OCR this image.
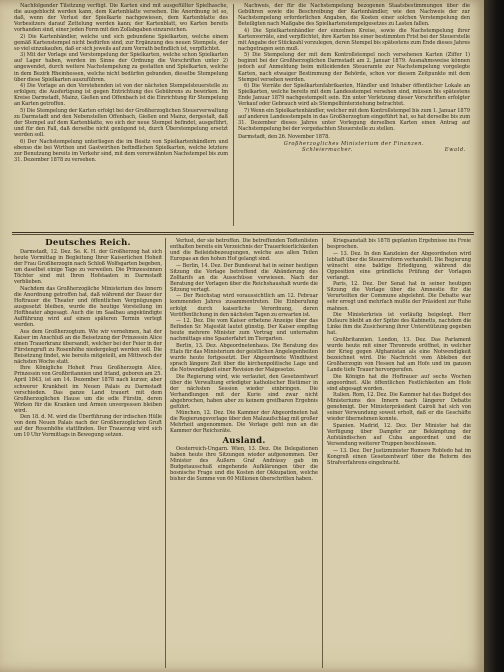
Nachfolgender Tilsitzung verfügt. Die Karten sind mit ausgefüllter Spielhasche, die ausgeblocht werden kann, dem Kartenblatte versehen. Die Anordnung ist so, daß, wenn der Verlust der Spielkarte nachgewiesen, dem Kartenblatte des Vorbesitzers darauf Zettelung werden kann; der Kartenblatt, wo Karten bereits vorhanden sind, einer jeden Form mit den Zollabgaben einzureichen.

2) Die Kartenhändler, welche und sich gebundene Spielkarten, welche einem gemäß Kartenstempel nicht bedürfen sind, zur Ergänzung des neuen Stempels, der so viel einzukaufen, daß er sich jeweils auf zum Vorrath befindlich ist, verpflichtet.

3) Mit der Vorlage und Verstempelung der Spielkarten, welche schon Spielkarten auf Lager haben, werden im Sinne der Ordnung die Vorschriften unter 2) angewendet, durch weitere Nachstempelung zu gestatten und Spielkarten, welche in dem Bezirk Rheinhessen, welche nicht bedürfen gebunden, dieselbe Stempelung über diese Spielkarten auszuführen.

4) Die Vorlage an den Vorstehenden ist von der nächsten Stempelsteuerstelle zu erfolgen; die Ausfertigung ist gegen Entrichtung des Gebührens zu bewirken. Im Kreise Darmstadt, Mainz, Gießen und Offenbach ist die Einrichtung für Stempelung an Karten getroffen.

5) Die Stempelung der Karten erfolgt bei der Großherzoglichen Steuerverwaltung zu Darmstadt und den Nebenstellen Offenbach, Gießen und Mainz, dergestalt, daß der Stempel auf dem Kartenblatte, wo sich der neue Stempel befindet, ausgeführt, und für den Fall, daß derselbe nicht genügend ist, durch Überstempelung ersetzt werden soll.

6) Der Nachstempelung unterliegen die im Besitz von Spielkartenhändlern und ebenso die bei Wirthen und Gastwirthen befindlichen Spielkarten, welche letztere zur Benutzung bereits im Verkehr sind, mit dem vorerwähnten Nachstempel bis zum 31. Dezember 1878 zu versehen.

Nachweis, der für die Nachstempelung bezogenen Staatsbestimmungen über die Gebühren sowie die Beschreibung der Kartenhändler, wie den Nachweis der zur Nachstempelung erforderlichen Angaben, die Kosten einer solchen Verstempelung den Beteiligten nach Maßgabe des Spielkartenstempelgesetzes zu Lasten fallen.

4) Die Spielkartenhändler der einzelnen Kreise, sowie die Nachstempelung ihrer Kartenvorräte, sind verpflichtet, ihre Karten bis einer bestimmten Frist bei der Steuerstelle mit Angabe der Stückzahl vorzulegen, deren Stempel bis spätestens zum Ende dieses Jahres nachgetragen sein muß.

5) Die Stempelung der mit dem Kontrollstempel noch versehenen Karten (Ziffer 1) beginnt bei der Großherzoglichen Darmstadt am 2. Januar 1879. Ausnahmsweise können jedoch auf Anmeldung beim mitleidenden Steueramte zur Nachstempelung vorgelegte Karten, nach etwaiger Bestimmung der Behörde, schon vor diesem Zeitpunkte mit dem Stempel versehen werden.

6) Die Vorräte der Spielkartenfabrikanten, Händler und Inhaber öffentlicher Lokale an Spielkarten, welche bereits mit dem Landesstempel versehen sind, müssen bis spätestens Ende Januar 1879 nachgestempelt sein. Ein unter Verletzung dieser Vorschriften erfolgter Verkauf oder Gebrauch wird als Stempelhinterziehung betrachtet.

7) Wenn ein Spielkartenhändler, welcher mit dem Kontrollstempel bis zum 1. Januar 1879 auf anderen Landesstempeln in das Großherzogtum eingeführt hat, so hat derselbe bis zum 31. Dezember dieses Jahres unter Vorlegung derselben Karten einen Antrag auf Nachstempelung bei der vorgedachten Steuerstelle zu stellen.

Darmstadt, den 26. November 1878.

Großherzogliches Ministerium der Finanzen.

Schleiermacher.	Ewald.
Deutsches Reich.

Darmstadt, 12. Dez. Se. K. H. der Großherzog hat sich heute Vormittag in Begleitung Ihrer Kaiserlichen Hoheit der Frau Großherzogin nach Schloß Wolfsgarten begeben, um daselbst einige Tage zu verweilen. Die Prinzessinnen Töchter sind mit Ihren Hofstaaten in Darmstadt verblieben.

Nachdem das Großherzogliche Ministerium des Innern die Anordnung getroffen hat, daß während der Dauer der Hoftrauer die Theater und öffentlichen Vergnügungen ausgesetzt bleiben, wurde die heutige Vorstellung im Hoftheater abgesagt. Auch die im Saalbau angekündigte Aufführung wird auf einen späteren Termin verlegt werden.

Aus dem Großherzogtum. Wie wir vernehmen, hat der Kaiser im Anschluß an die Beisetzung der Prinzessin Alice einen Trauerkranz übersandt, welcher bei der Feier in der Fürstengruft zu Rosenhöhe niedergelegt werden soll. Die Beisetzung findet, wie bereits mitgeteilt, am Mittwoch der nächsten Woche statt.

Ihre Königliche Hoheit Frau Großherzogin Alice, Prinzessin von Großbritannien und Irland, geboren am 25. April 1843, ist am 14. Dezember 1878 nach kurzer, aber schwerer Krankheit im Neuen Palais zu Darmstadt verschieden. Das ganze Land trauert mit dem Großherzoglichen Hause um die edle Fürstin, deren Wirken für die Kranken und Armen unvergessen bleiben wird.

Den 18. d. M. wird die Überführung der irdischen Hülle von dem Neuen Palais nach der Großherzoglichen Gruft auf der Rosenhöhe stattfinden. Der Trauerzug wird sich um 10 Uhr Vormittags in Bewegung setzen.

Verlust, der sie betroffen. Die betreffenden Todtenlisten enthalten bereits ein Verzeichnis der Trauerfeierlichkeiten und die Beileidsbezeugungen, welche aus allen Teilen Europas an den hohen Hof gelangt sind.

— Berlin, 14. Dez. Der Bundesrat hat in seiner heutigen Sitzung die Vorlage betreffend die Abänderung des Zolltarifs an die Ausschüsse verwiesen. Nach der Beratung der Vorlagen über die Reichshaushalt wurde die Sitzung vertagt.

— Der Reichstag wird voraussichtlich am 12. Februar kommenden Jahres zusammentreten. Die Einberufung erfolgt durch kaiserliche Verordnung, deren Veröffentlichung in den nächsten Tagen zu erwarten ist.

— 12. Dez. Die vom Kaiser erbetene Anzeige über das Befinden Sr. Majestät lautet günstig. Der Kaiser empfing heute mehrere Minister zum Vortrag und unternahm nachmittags eine Spazierfahrt im Tiergarten.

Berlin, 13. Dez. Abgeordnetenhaus. Die Beratung des Etats für das Ministerium der geistlichen Angelegenheiten wurde heute fortgesetzt. Der Abgeordnete Windthorst sprach längere Zeit über die kirchenpolitische Lage und die Notwendigkeit einer Revision der Maigesetze.

Die Regierung wird, wie verlautet, den Gesetzentwurf über die Verwaltung erledigter katholischer Bistümer in der nächsten Session wieder einbringen. Die Verhandlungen mit der Kurie sind zwar nicht abgebrochen, haben aber zu keinem greifbaren Ergebnis geführt.

München, 12. Dez. Die Kammer der Abgeordneten hat die Regierungsvorlage über den Malzaufschlag mit großer Mehrheit angenommen. Die Vorlage geht nun an die Kammer der Reichsräte.

Ausland.

Oesterreich-Ungarn. Wien, 13. Dez. Die Delegationen haben heute ihre Sitzungen wieder aufgenommen. Der Minister des Äußern Graf Andrássy gab im Budgetausschuß eingehende Aufklärungen über die bosnische Frage und die Kosten der Okkupation, welche bisher die Summe von 60 Millionen überschritten haben.

Kriegsanstalt bis 1878 geplanten Ergebnisse ins Freie besprochen.

— 13. Dez. In den Kanzleien der Abgeordneten wird lebhaft über die Steuerreform verhandelt. Die Regierung wünscht eine baldige Erledigung, während die Opposition eine gründliche Prüfung der Vorlagen verlangt.

Paris, 12. Dez. Der Senat hat in seiner heutigen Sitzung die Vorlage über die Amnestie für die Verurteilten der Commune abgelehnt. Die Debatte war sehr erregt und mehrfach mußte der Präsident zur Ruhe mahnen.

Die Ministerkrisis ist vorläufig beigelegt. Herr Dufaure bleibt an der Spitze des Kabinetts, nachdem die Linke ihm die Zusicherung ihrer Unterstützung gegeben hat.

Großbritannien. London, 13. Dez. Das Parlament wurde heute mit einer Thronrede eröffnet, in welcher der Krieg gegen Afghanistan als eine Notwendigkeit bezeichnet wird. Die Nachricht vom Ableben der Großherzogin von Hessen hat am Hofe und im ganzen Lande tiefe Trauer hervorgerufen.

Die Königin hat die Hoftrauer auf sechs Wochen angeordnet. Alle öffentlichen Festlichkeiten am Hofe sind abgesagt worden.

Italien. Rom, 12. Dez. Die Kammer hat das Budget des Ministeriums des Innern nach längerer Debatte genehmigt. Der Ministerpräsident Cairoli hat sich von seiner Verwundung soweit erholt, daß er die Geschäfte wieder übernehmen konnte.

Spanien. Madrid, 12. Dez. Der Minister hat die Verfügung über Dampfer zur Bekämpfung der Aufständischen auf Cuba angeordnet und die Versendung weiterer Truppen beschlossen.

— 13. Dez. Der Justizminister Romero Robledo hat im Kongreß einen Gesetzentwurf über die Reform des Strafverfahrens eingebracht.
